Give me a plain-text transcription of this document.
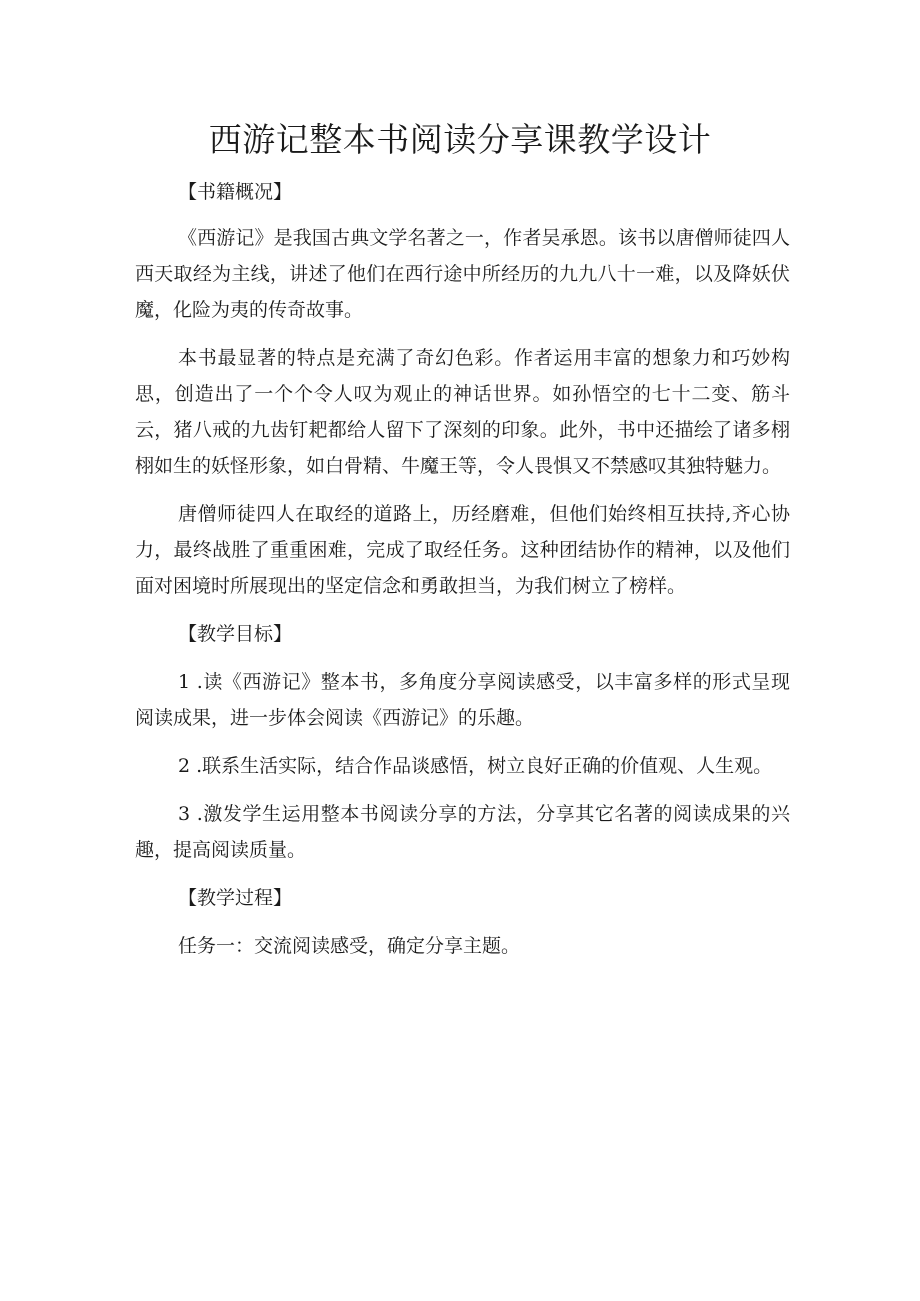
西游记整本书阅读分享课教学设计
【书籍概况】

《西游记》是我国古典文学名著之一，作者吴承恩。该书以唐僧师徒四人西天取经为主线，讲述了他们在西行途中所经历的九九八十一难，以及降妖伏魔，化险为夷的传奇故事。

本书最显著的特点是充满了奇幻色彩。作者运用丰富的想象力和巧妙构思，创造出了一个个令人叹为观止的神话世界。如孙悟空的七十二变、筋斗云，猪八戒的九齿钉耙都给人留下了深刻的印象。此外，书中还描绘了诸多栩栩如生的妖怪形象，如白骨精、牛魔王等，令人畏惧又不禁感叹其独特魅力。

唐僧师徒四人在取经的道路上，历经磨难，但他们始终相互扶持,齐心协力，最终战胜了重重困难，完成了取经任务。这种团结协作的精神，以及他们面对困境时所展现出的坚定信念和勇敢担当，为我们树立了榜样。

【教学目标】

1 .读《西游记》整本书，多角度分享阅读感受，以丰富多样的形式呈现阅读成果，进一步体会阅读《西游记》的乐趣。

2 .联系生活实际，结合作品谈感悟，树立良好正确的价值观、人生观。

3 .激发学生运用整本书阅读分享的方法，分享其它名著的阅读成果的兴趣，提高阅读质量。

【教学过程】

任务一：交流阅读感受，确定分享主题。
